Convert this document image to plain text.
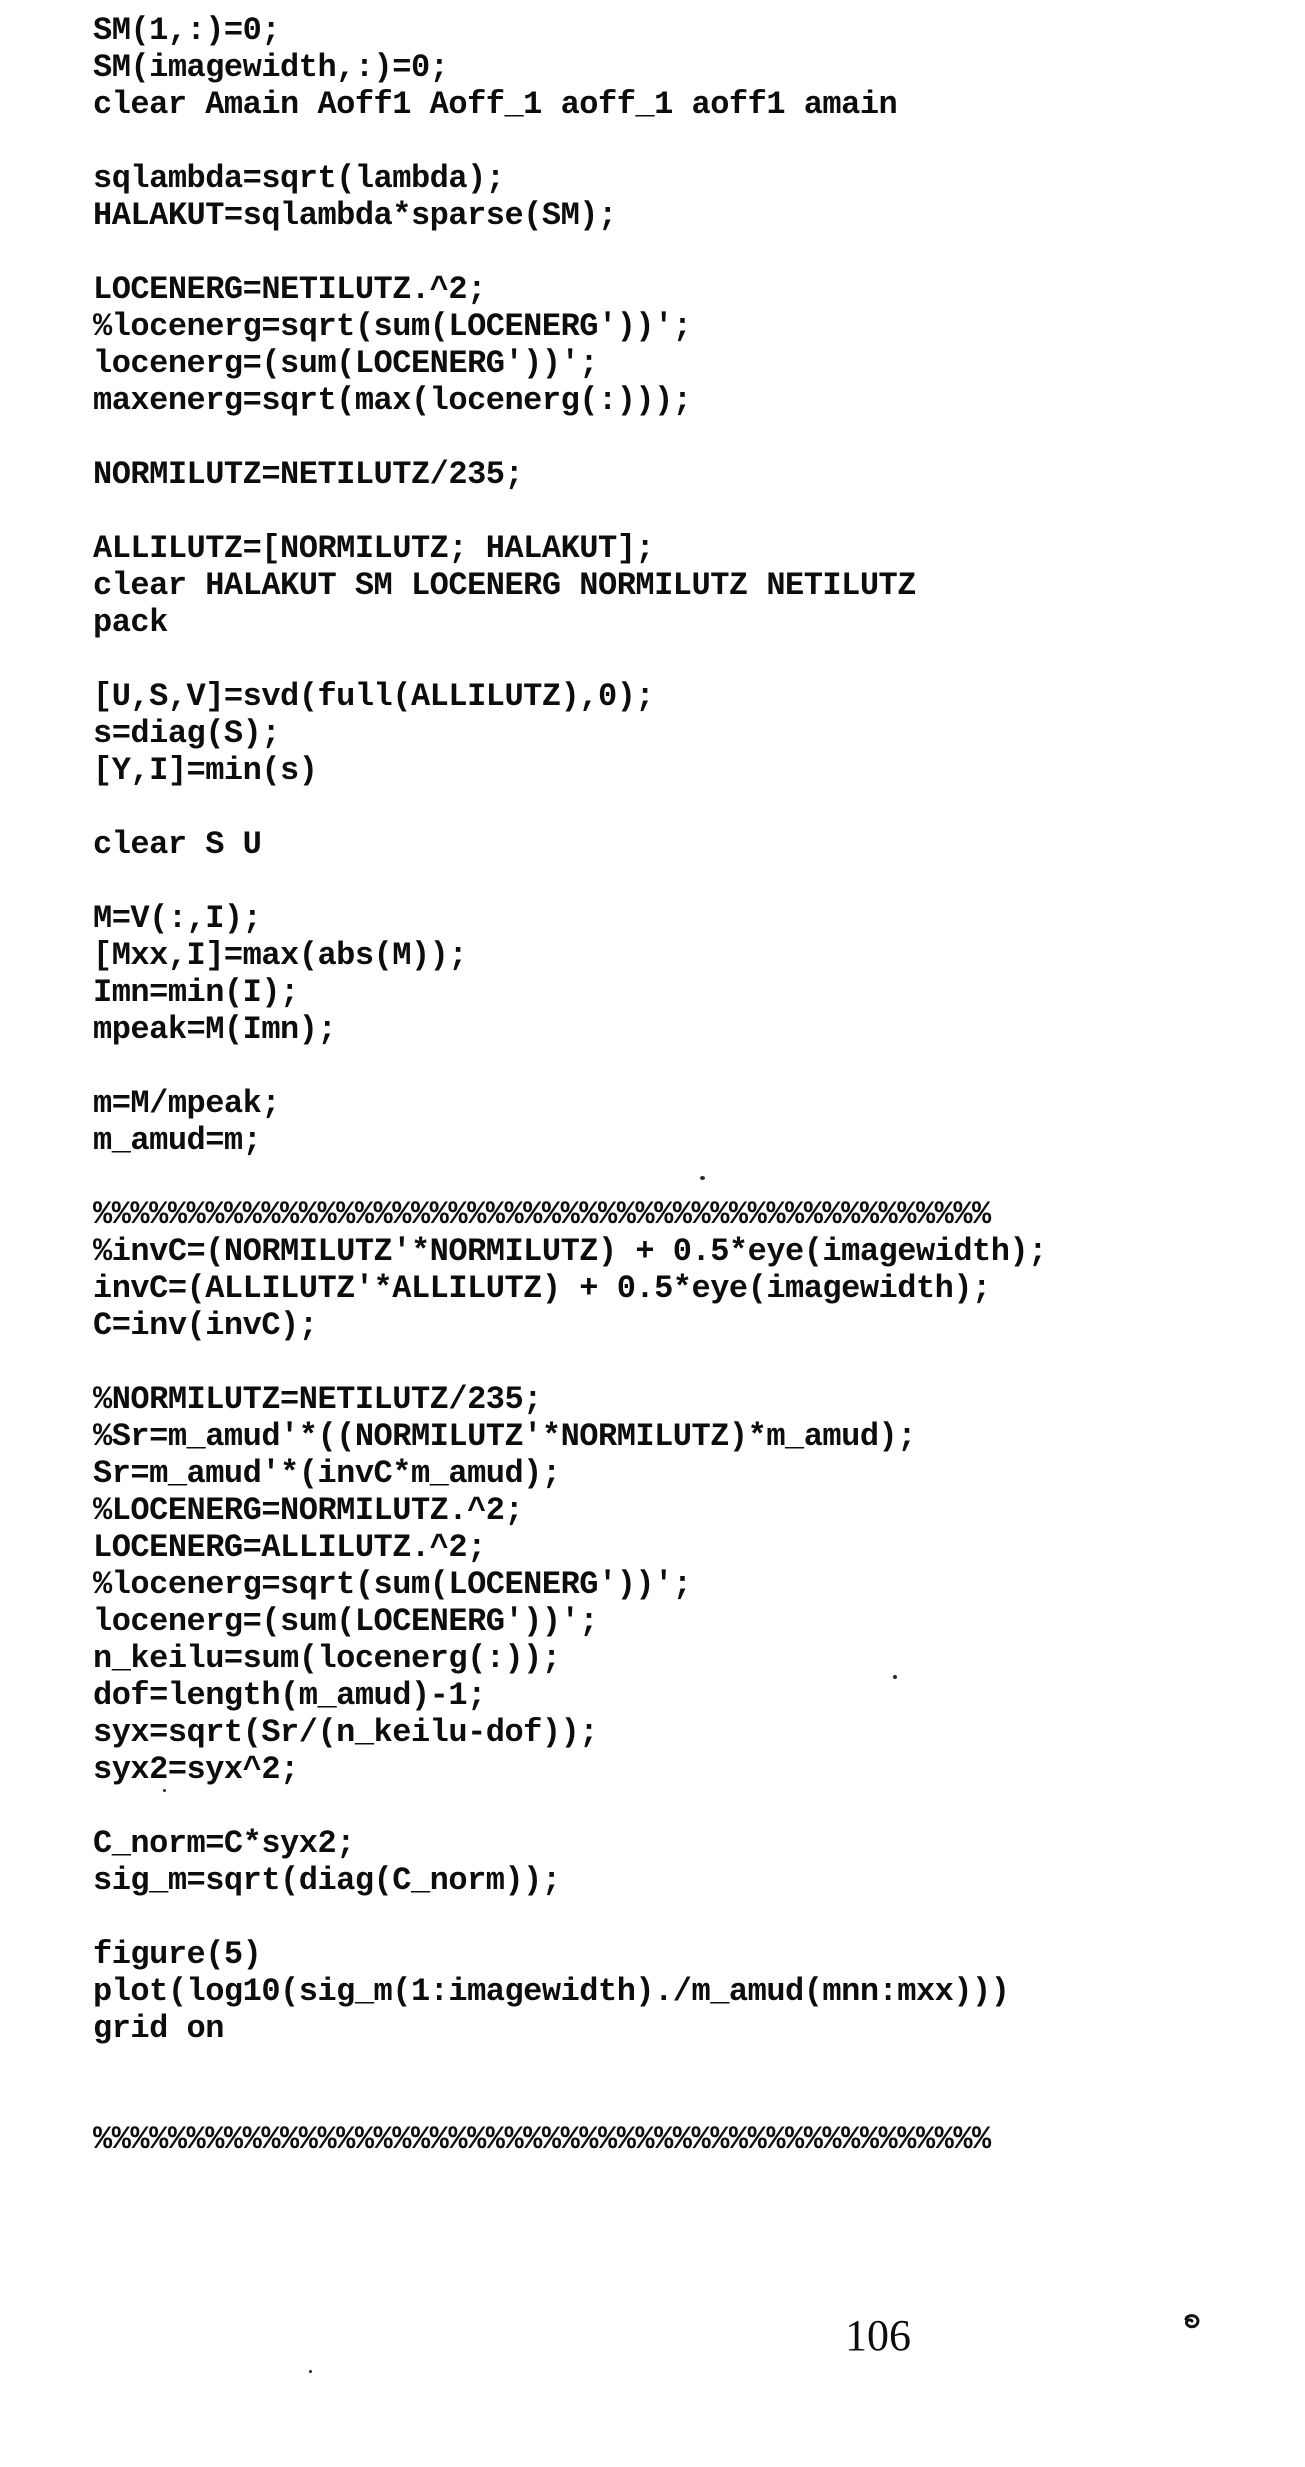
SM(1,:)=0;
SM(imagewidth,:)=0;
clear Amain Aoff1 Aoff_1 aoff_1 aoff1 amain

sqlambda=sqrt(lambda);
HALAKUT=sqlambda*sparse(SM);

LOCENERG=NETILUTZ.^2;
%locenerg=sqrt(sum(LOCENERG'))';
locenerg=(sum(LOCENERG'))';
maxenerg=sqrt(max(locenerg(:)));

NORMILUTZ=NETILUTZ/235;

ALLILUTZ=[NORMILUTZ; HALAKUT];
clear HALAKUT SM LOCENERG NORMILUTZ NETILUTZ
pack

[U,S,V]=svd(full(ALLILUTZ),0);
s=diag(S);
[Y,I]=min(s)

clear S U

M=V(:,I);
[Mxx,I]=max(abs(M));
Imn=min(I);
mpeak=M(Imn);

m=M/mpeak;
m_amud=m;

%%%%%%%%%%%%%%%%%%%%%%%%%%%%%%%%%%%%%%%%%%%%%%%%
%invC=(NORMILUTZ'*NORMILUTZ) + 0.5*eye(imagewidth);
invC=(ALLILUTZ'*ALLILUTZ) + 0.5*eye(imagewidth);
C=inv(invC);

%NORMILUTZ=NETILUTZ/235;
%Sr=m_amud'*((NORMILUTZ'*NORMILUTZ)*m_amud);
Sr=m_amud'*(invC*m_amud);
%LOCENERG=NORMILUTZ.^2;
LOCENERG=ALLILUTZ.^2;
%locenerg=sqrt(sum(LOCENERG'))';
locenerg=(sum(LOCENERG'))';
n_keilu=sum(locenerg(:));
dof=length(m_amud)-1;
syx=sqrt(Sr/(n_keilu-dof));
syx2=syx^2;

C_norm=C*syx2;
sig_m=sqrt(diag(C_norm));

figure(5)
plot(log10(sig_m(1:imagewidth)./m_amud(mnn:mxx)))
grid on

%%%%%%%%%%%%%%%%%%%%%%%%%%%%%%%%%%%%%%%%%%%%%%%%
106
